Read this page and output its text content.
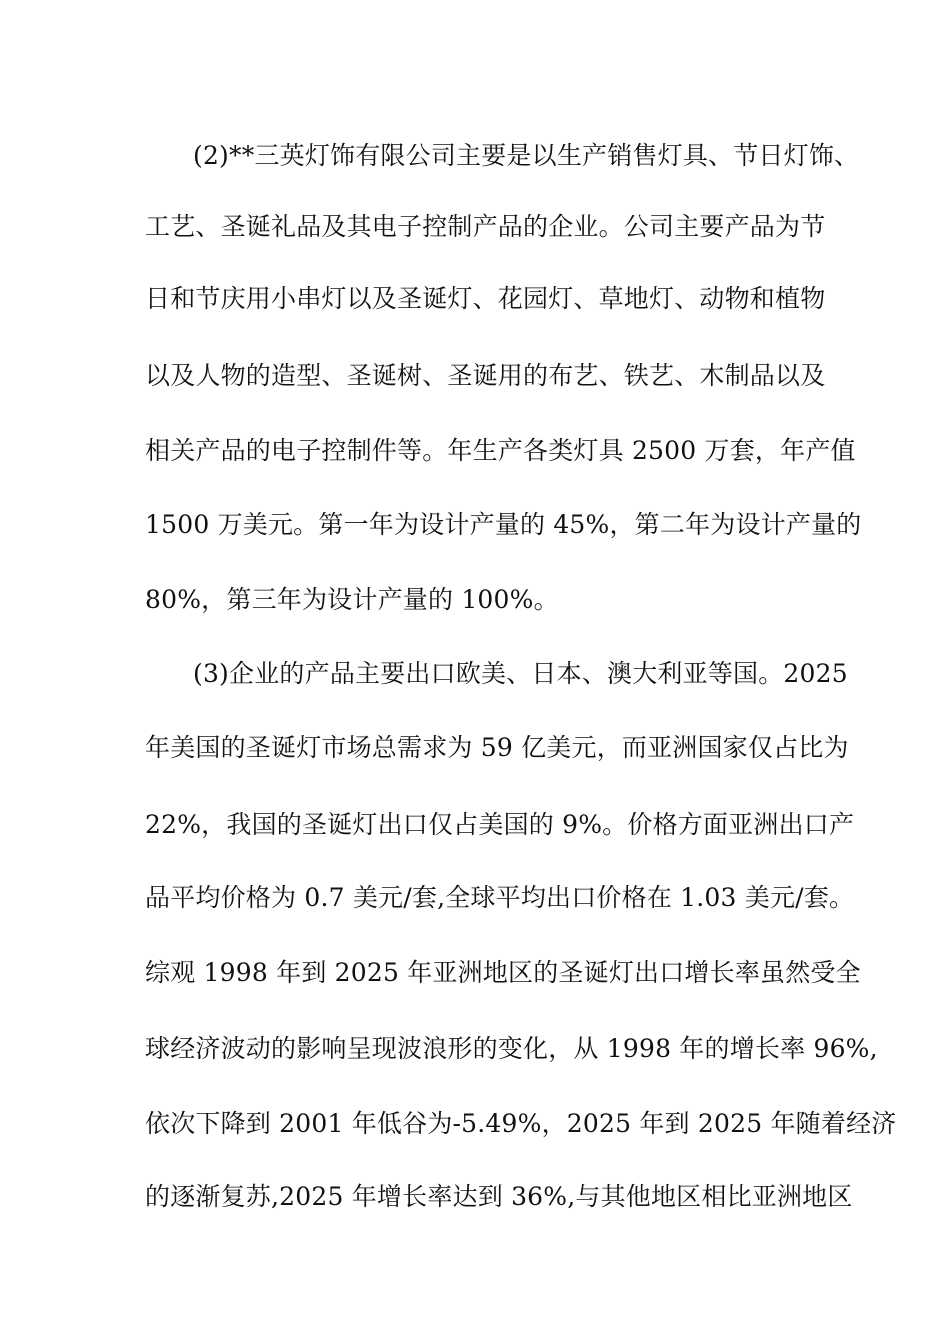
(2)**三英灯饰有限公司主要是以生产销售灯具、节日灯饰、
工艺、圣诞礼品及其电子控制产品的企业。公司主要产品为节
日和节庆用小串灯以及圣诞灯、花园灯、草地灯、动物和植物
以及人物的造型、圣诞树、圣诞用的布艺、铁艺、木制品以及
相关产品的电子控制件等。年生产各类灯具 2500 万套，年产值
1500 万美元。第一年为设计产量的 45%，第二年为设计产量的
80%，第三年为设计产量的 100%。
(3)企业的产品主要出口欧美、日本、澳大利亚等国。2025
年美国的圣诞灯市场总需求为 59 亿美元，而亚洲国家仅占比为
22%，我国的圣诞灯出口仅占美国的 9%。价格方面亚洲出口产
品平均价格为 0.7 美元/套,全球平均出口价格在 1.03 美元/套。
综观 1998 年到 2025 年亚洲地区的圣诞灯出口增长率虽然受全
球经济波动的影响呈现波浪形的变化，从 1998 年的增长率 96%,
依次下降到 2001 年低谷为-5.49%，2025 年到 2025 年随着经济
的逐渐复苏,2025 年增长率达到 36%,与其他地区相比亚洲地区
